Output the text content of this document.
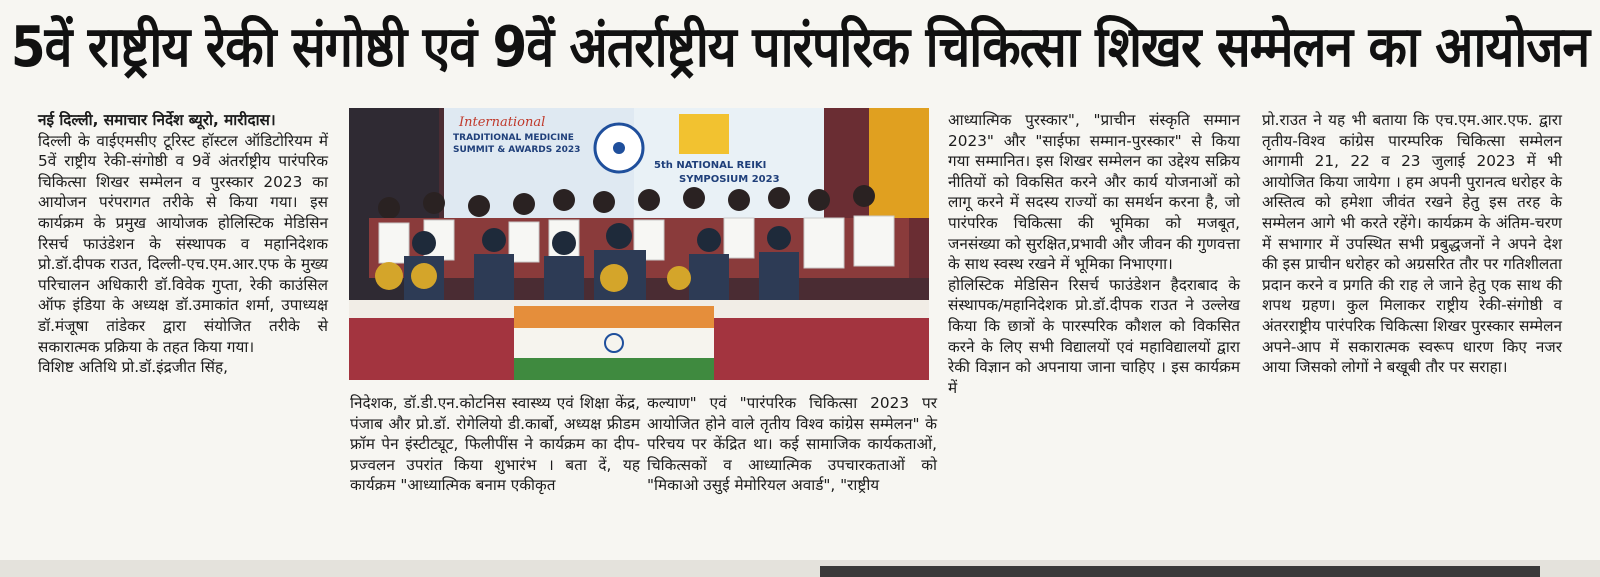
5वें राष्ट्रीय रेकी संगोष्ठी एवं 9वें अंतर्राष्ट्रीय पारंपरिक चिकित्सा शिखर सम्मेलन का आयोजन

नई दिल्ली, समाचार निर्देश ब्यूरो, मारीदास।

दिल्ली के वाईएमसीए टूरिस्ट हॉस्टल ऑडिटोरियम में 5वें राष्ट्रीय रेकी-संगोष्ठी व 9वें अंतर्राष्ट्रीय पारंपरिक चिकित्सा शिखर सम्मेलन व पुरस्कार 2023 का आयोजन परंपरागत तरीके से किया गया। इस कार्यक्रम के प्रमुख आयोजक होलिस्टिक मेडिसिन रिसर्च फाउंडेशन के संस्थापक व महानिदेशक प्रो.डॉ.दीपक राउत, दिल्ली-एच.एम.आर.एफ के मुख्य परिचालन अधिकारी डॉ.विवेक गुप्ता, रेकी काउंसिल ऑफ इंडिया के अध्यक्ष डॉ.उमाकांत शर्मा, उपाध्यक्ष डॉ.मंजूषा तांडेकर द्वारा संयोजित तरीके से सकारात्मक प्रक्रिया के तहत किया गया।

विशिष्ट अतिथि प्रो.डॉ.इंद्रजीत सिंह,

International
TRADITIONAL MEDICINE
SUMMIT & AWARDS 2023
5th NATIONAL REIKI
SYMPOSIUM 2023

निदेशक, डॉ.डी.एन.कोटनिस स्वास्थ्य एवं शिक्षा केंद्र, पंजाब और प्रो.डॉ. रोगेलियो डी.कार्बो, अध्यक्ष फ्रीडम फ्रॉम पेन इंस्टीट्यूट, फिलीपींस ने कार्यक्रम का दीप-प्रज्वलन उपरांत किया शुभारंभ । बता दें, यह कार्यक्रम "आध्यात्मिक बनाम एकीकृत

कल्याण" एवं "पारंपरिक चिकित्सा 2023 पर आयोजित होने वाले तृतीय विश्व कांग्रेस सम्मेलन" के परिचय पर केंद्रित था। कई सामाजिक कार्यकताओं, चिकित्सकों व आध्यात्मिक उपचारकताओं को "मिकाओ उसुई मेमोरियल अवार्ड", "राष्ट्रीय

आध्यात्मिक पुरस्कार", "प्राचीन संस्कृति सम्मान 2023" और "साईफा सम्मान-पुरस्कार" से किया गया सम्मानित। इस शिखर सम्मेलन का उद्देश्य सक्रिय नीतियों को विकसित करने और कार्य योजनाओं को लागू करने में सदस्य राज्यों का समर्थन करना है, जो पारंपरिक चिकित्सा की भूमिका को मजबूत, जनसंख्या को सुरक्षित,प्रभावी और जीवन की गुणवत्ता के साथ स्वस्थ रखने में भूमिका निभाएगा।

होलिस्टिक मेडिसिन रिसर्च फाउंडेशन हैदराबाद के संस्थापक/महानिदेशक प्रो.डॉ.दीपक राउत ने उल्लेख किया कि छात्रों के पारस्परिक कौशल को विकसित करने के लिए सभी विद्यालयों एवं महाविद्यालयों द्वारा रेकी विज्ञान को अपनाया जाना चाहिए । इस कार्यक्रम में

प्रो.राउत ने यह भी बताया कि एच.एम.आर.एफ. द्वारा तृतीय-विश्व कांग्रेस पारम्परिक चिकित्सा सम्मेलन आगामी 21, 22 व 23 जुलाई 2023 में भी आयोजित किया जायेगा । हम अपनी पुरानत्व धरोहर के अस्तित्व को हमेशा जीवंत रखने हेतु इस तरह के सम्मेलन आगे भी करते रहेंगे। कार्यक्रम के अंतिम-चरण में सभागार में उपस्थित सभी प्रबुद्धजनों ने अपने देश की इस प्राचीन धरोहर को अग्रसरित तौर पर गतिशीलता प्रदान करने व प्रगति की राह ले जाने हेतु एक साथ की शपथ ग्रहण। कुल मिलाकर राष्ट्रीय रेकी-संगोष्ठी व अंतरराष्ट्रीय पारंपरिक चिकित्सा शिखर पुरस्कार सम्मेलन अपने-आप में सकारात्मक स्वरूप धारण किए नजर आया जिसको लोगों ने बखूबी तौर पर सराहा।
